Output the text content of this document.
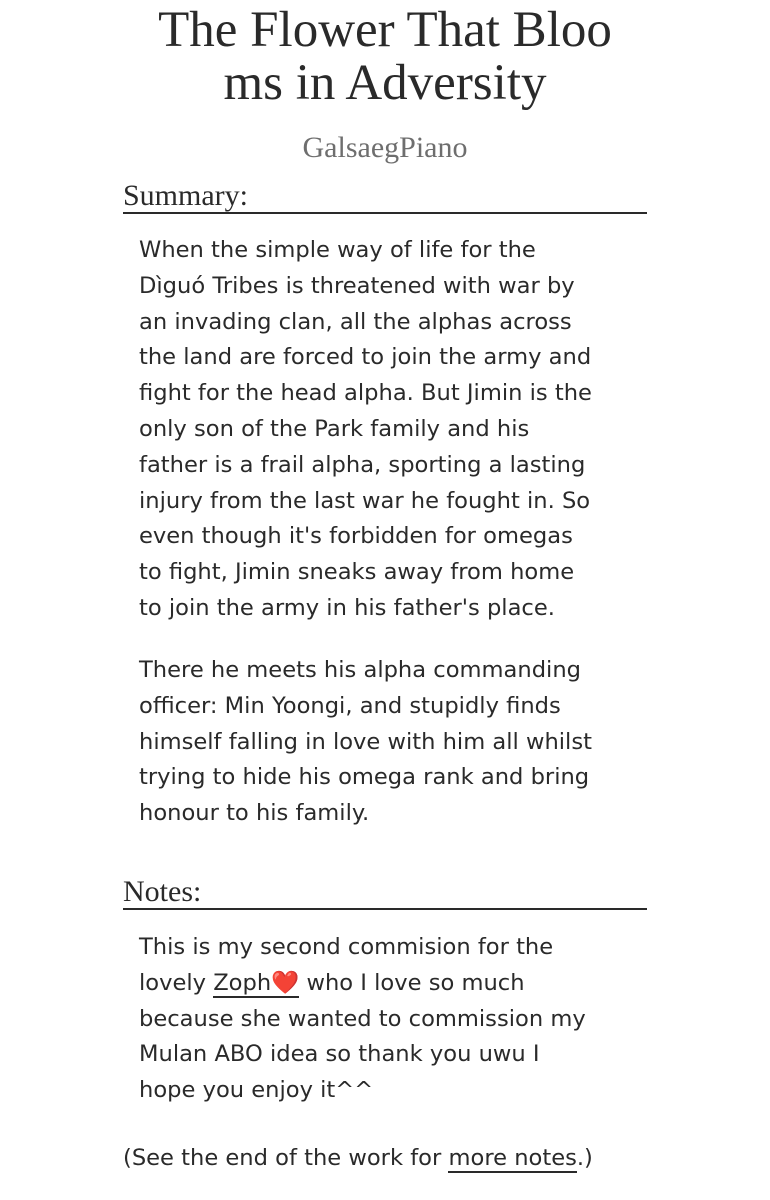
The Flower That Bloo
ms in Adversity
GalsaegPiano
Summary:
When the simple way of life for the
Dìguó Tribes is threatened with war by
an invading clan, all the alphas across
the land are forced to join the army and
fight for the head alpha. But Jimin is the
only son of the Park family and his
father is a frail alpha, sporting a lasting
injury from the last war he fought in. So
even though it's forbidden for omegas
to fight, Jimin sneaks away from home
to join the army in his father's place.
There he meets his alpha commanding
officer: Min Yoongi, and stupidly finds
himself falling in love with him all whilst
trying to hide his omega rank and bring
honour to his family.
Notes:
This is my second commision for the
lovely Zoph❤️ who I love so much
because she wanted to commission my
Mulan ABO idea so thank you uwu I
hope you enjoy it^^
(See the end of the work for more notes.)
